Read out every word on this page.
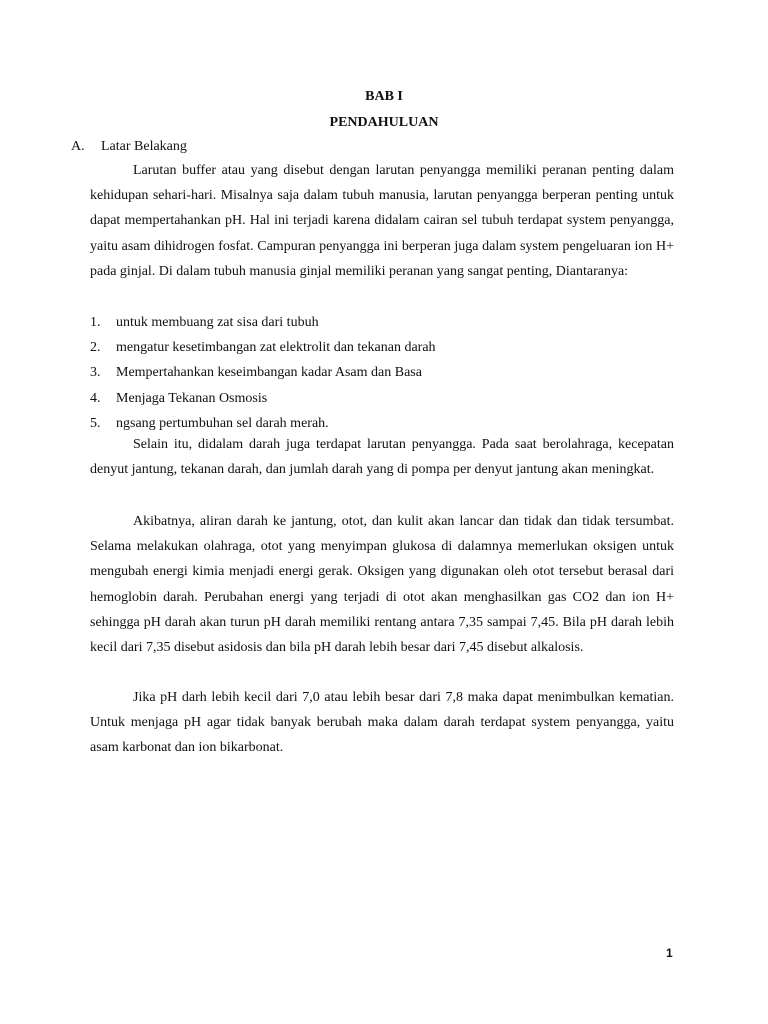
BAB I
PENDAHULUAN
A. Latar Belakang

Larutan buffer atau yang disebut dengan larutan penyangga memiliki peranan penting dalam kehidupan sehari-hari. Misalnya saja dalam tubuh manusia, larutan penyangga berperan penting untuk dapat mempertahankan pH. Hal ini terjadi karena didalam cairan sel tubuh terdapat system penyangga, yaitu asam dihidrogen fosfat. Campuran penyangga ini berperan juga dalam system pengeluaran ion H+ pada ginjal. Di dalam tubuh manusia ginjal memiliki peranan yang sangat penting, Diantaranya:

1.	untuk membuang zat sisa dari tubuh
2.	mengatur kesetimbangan zat elektrolit dan tekanan darah
3.	Mempertahankan keseimbangan kadar Asam dan Basa
4.	Menjaga Tekanan Osmosis
5.	ngsang pertumbuhan sel darah merah.

Selain itu, didalam darah juga terdapat larutan penyangga. Pada saat berolahraga, kecepatan denyut jantung, tekanan darah, dan jumlah darah yang di pompa per denyut jantung akan meningkat.

Akibatnya, aliran darah ke jantung, otot, dan kulit akan lancar dan tidak dan tidak tersumbat. Selama melakukan olahraga, otot yang menyimpan glukosa di dalamnya memerlukan oksigen untuk mengubah energi kimia menjadi energi gerak. Oksigen yang digunakan oleh otot tersebut berasal dari hemoglobin darah. Perubahan energi yang terjadi di otot akan menghasilkan gas CO2 dan ion H+ sehingga pH darah akan turun pH darah memiliki rentang antara 7,35 sampai 7,45. Bila pH darah lebih kecil dari 7,35 disebut asidosis dan bila pH darah lebih besar dari 7,45 disebut alkalosis.

Jika pH darh lebih kecil dari 7,0 atau lebih besar dari 7,8 maka dapat menimbulkan kematian. Untuk menjaga pH agar tidak banyak berubah maka dalam darah terdapat system penyangga, yaitu asam karbonat dan ion bikarbonat.

1
